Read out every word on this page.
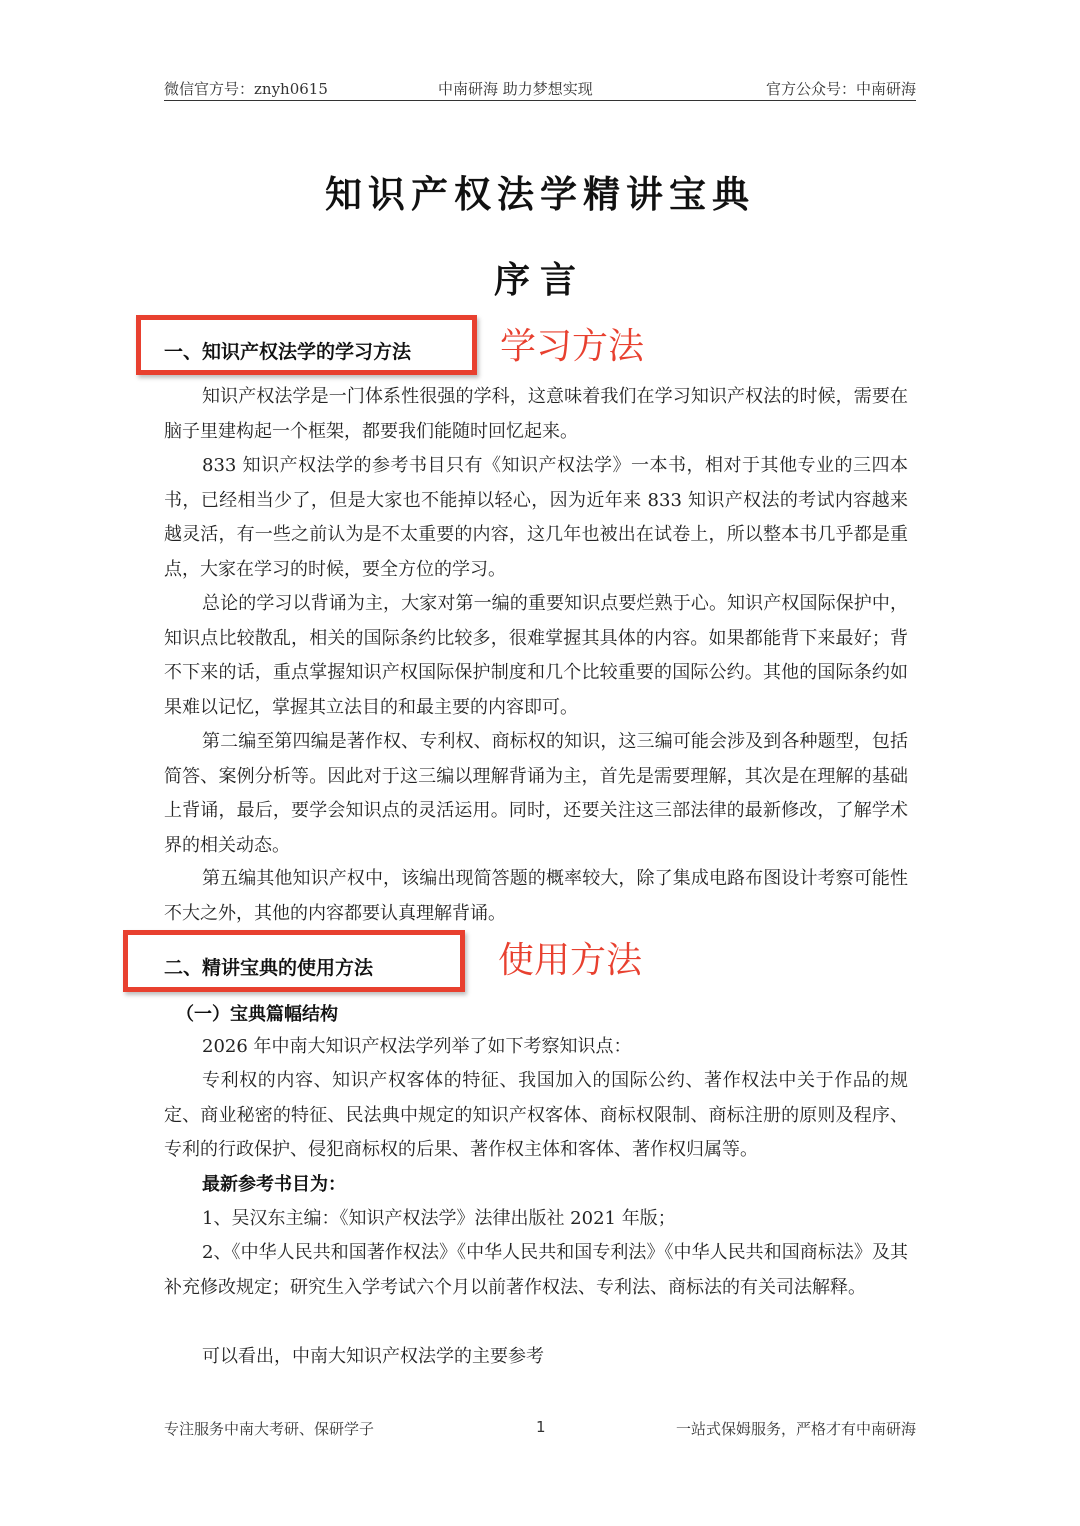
微信官方号：znyh0615	中南研海 助力梦想实现	官方公众号：中南研海
知识产权法学精讲宝典
序言
一、知识产权法学的学习方法 学习方法
知识产权法学是一门体系性很强的学科，这意味着我们在学习知识产权法的时候，需要在脑子里建构起一个框架，都要我们能随时回忆起来。
833 知识产权法学的参考书目只有《知识产权法学》一本书，相对于其他专业的三四本书，已经相当少了，但是大家也不能掉以轻心，因为近年来 833 知识产权法的考试内容越来越灵活，有一些之前认为是不太重要的内容，这几年也被出在试卷上，所以整本书几乎都是重点，大家在学习的时候，要全方位的学习。
总论的学习以背诵为主，大家对第一编的重要知识点要烂熟于心。知识产权国际保护中，知识点比较散乱，相关的国际条约比较多，很难掌握其具体的内容。如果都能背下来最好；背不下来的话，重点掌握知识产权国际保护制度和几个比较重要的国际公约。其他的国际条约如果难以记忆，掌握其立法目的和最主要的内容即可。
第二编至第四编是著作权、专利权、商标权的知识，这三编可能会涉及到各种题型，包括简答、案例分析等。因此对于这三编以理解背诵为主，首先是需要理解，其次是在理解的基础上背诵，最后，要学会知识点的灵活运用。同时，还要关注这三部法律的最新修改，了解学术界的相关动态。
第五编其他知识产权中，该编出现简答题的概率较大，除了集成电路布图设计考察可能性不大之外，其他的内容都要认真理解背诵。
二、精讲宝典的使用方法	使用方法
（一）宝典篇幅结构
2026 年中南大知识产权法学列举了如下考察知识点：
专利权的内容、知识产权客体的特征、我国加入的国际公约、著作权法中关于作品的规定、商业秘密的特征、民法典中规定的知识产权客体、商标权限制、商标注册的原则及程序、专利的行政保护、侵犯商标权的后果、著作权主体和客体、著作权归属等。
最新参考书目为：
1、吴汉东主编：《知识产权法学》法律出版社 2021 年版；
2、《中华人民共和国著作权法》《中华人民共和国专利法》《中华人民共和国商标法》及其补充修改规定；研究生入学考试六个月以前著作权法、专利法、商标法的有关司法解释。
可以看出，中南大知识产权法学的主要参考
专注服务中南大考研、保研学子	1	一站式保姆服务，严格才有中南研海
